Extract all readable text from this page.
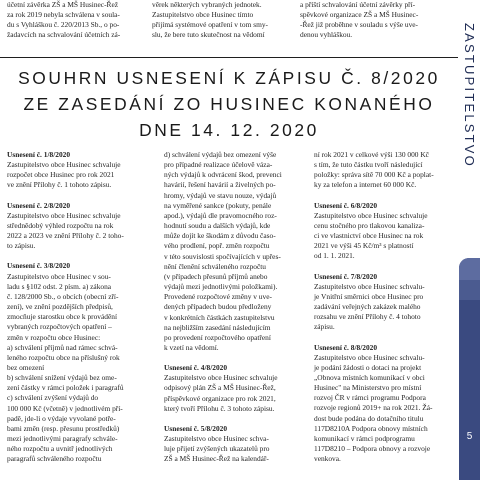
účetní závěrka ZŠ a MŠ Husinec-Řež
za rok 2019 nebyla schválena v soula-
du s Vyhláškou č. 220/2013 Sb., o po-
žadavcích na schvalování účetních zá-
věrek některých vybraných jednotek.
Zastupitelstvo obce Husinec tímto
přijímá systémové opatření v tom smy-
slu, že bere tuto skutečnost na vědomí
a příští schvalování účetní závěrky pří-
spěvkové organizace ZŠ a MŠ Husinec-
-Řež již proběhne v souladu s výše uve-
denou vyhláškou.
SOUHRN USNESENÍ K ZÁPISU Č. 8/2020
ZE ZASEDÁNÍ ZO HUSINEC KONANÉHO
DNE 14. 12. 2020
Usnesení č. 1/8/2020
Zastupitelstvo obce Husinec schvaluje
rozpočet obce Husinec pro rok 2021
ve znění Přílohy č. 1 tohoto zápisu.
Usnesení č. 2/8/2020
Zastupitelstvo obce Husinec schvaluje
střednědobý výhled rozpočtu na rok
2022 a 2023 ve znění Přílohy č. 2 toho-
to zápisu.
Usnesení č. 3/8/2020
Zastupitelstvo obce Husinec v sou-
ladu s §102 odst. 2 písm. a) zákona
č. 128/2000 Sb., o obcích (obecní zří-
zení), ve znění pozdějších předpisů,
zmocňuje starostku obce k provádění
vybraných rozpočtových opatření –
změn v rozpočtu obce Husinec:
a) schválení příjmů nad rámec schvá-
leného rozpočtu obce na příslušný rok
bez omezení
b) schválení snížení výdajů bez ome-
zení částky v rámci položek i paragrafů
c) schválení zvýšení výdajů do
100 000 Kč (včetně) v jednotlivém pří-
padě, jde-li o výdaje vyvolané potře-
bami změn (resp. přesunu prostředků)
mezi jednotlivými paragrafy schvále-
ného rozpočtu a uvnitř jednotlivých
paragrafů schváleného rozpočtu
d) schválení výdajů bez omezení výše
pro případné realizace účelově váza-
ných výdajů k odvrácení škod, prevenci
havárií, řešení havárií a živelných po-
hromy, výdajů ve stavu nouze, výdajů
na vyměřené sankce (pokuty, penále
apod.), výdajů dle pravomocného roz-
hodnutí soudu a dalších výdajů, kde
může dojít ke škodám z důvodu časo-
vého prodlení, popř. změn rozpočtu
v této souvislosti spočívajících v upřes-
nění členění schváleného rozpočtu
(v případech přesunů příjmů anebo
výdajů mezi jednotlivými položkami).
Provedené rozpočtové změny v uve-
dených případech budou předloženy
v konkrétních částkách zastupitelstvu
na nejbližším zasedání následujícím
po provedení rozpočtového opatření
k vzetí na vědomí.
Usnesení č. 4/8/2020
Zastupitelstvo obce Husinec schvaluje
odpisový plán ZŠ a MŠ Husinec-Řež,
příspěvkové organizace pro rok 2021,
který tvoří Přílohu č. 3 tohoto zápisu.
Usnesení č. 5/8/2020
Zastupitelstvo obce Husinec schva-
luje přijetí zvýšených ukazatelů pro
ZŠ a MŠ Husinec-Řež na kalendář-
ní rok 2021 v celkové výši 130 000 Kč
s tím, že tuto částku tvoří následující
položky: správa sítě 70 000 Kč a poplat-
ky za telefon a internet 60 000 Kč.
Usnesení č. 6/8/2020
Zastupitelstvo obce Husinec schvaluje
cenu stočného pro tlakovou kanaliza-
ci ve vlastnictví obce Husinec na rok
2021 ve výši 45 Kč/m³ s platností
od 1. 1. 2021.
Usnesení č. 7/8/2020
Zastupitelstvo obce Husinec schvalu-
je Vnitřní směrnici obce Husinec pro
zadávání veřejných zakázek malého
rozsahu ve znění Přílohy č. 4 tohoto
zápisu.
Usnesení č. 8/8/2020
Zastupitelstvo obce Husinec schvalu-
je podání žádosti o dotaci na projekt
„Obnova místních komunikací v obci
Husinec" na Ministerstvo pro místní
rozvoj ČR v rámci programu Podpora
rozvoje regionů 2019+ na rok 2021. Žá-
dost bude podána do dotačního titulu
117D8210A Podpora obnovy místních
komunikací v rámci podprogramu
117D8210 – Podpora obnovy a rozvoje
venkova.
ZASTUPITELSTVO
5
